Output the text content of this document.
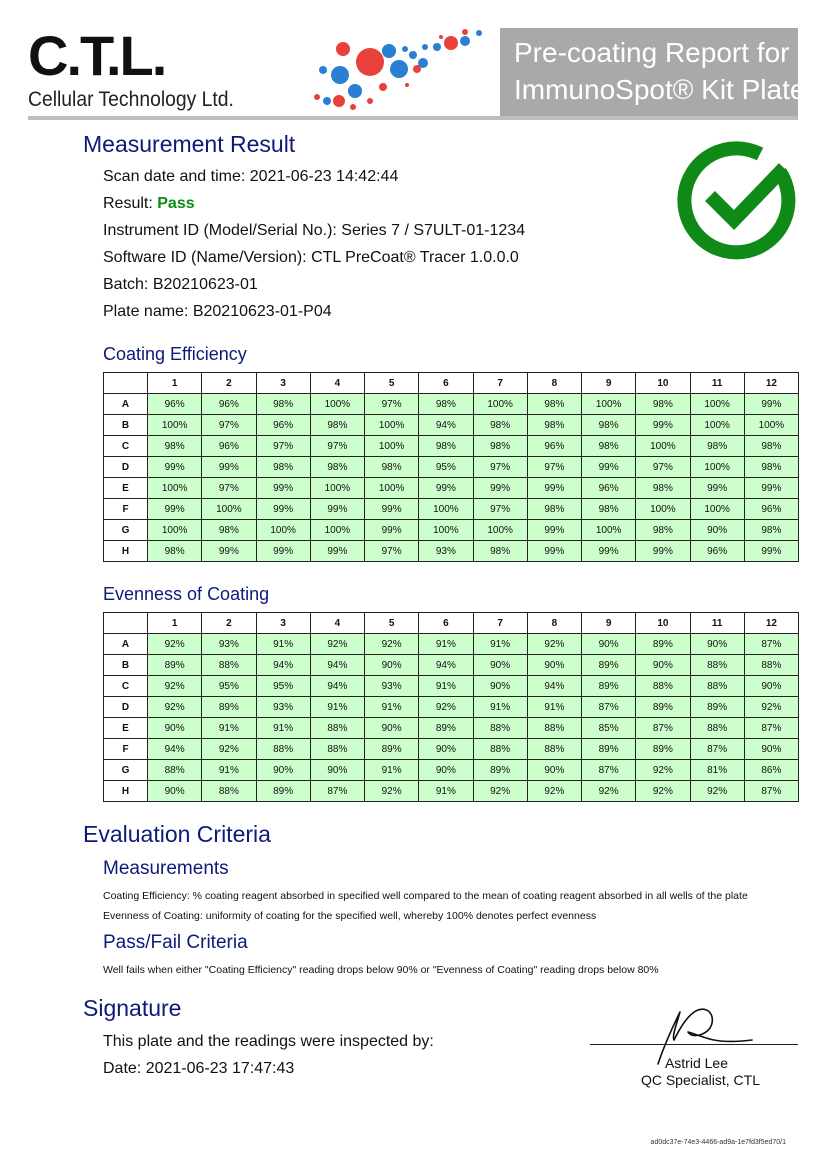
C.T.L.
Cellular Technology Ltd.
Pre-coating Report for
ImmunoSpot® Kit Plate
Measurement Result
Scan date and time: 2021-06-23 14:42:44
Result: Pass
Instrument ID (Model/Serial No.): Series 7 / S7ULT-01-1234
Software ID (Name/Version): CTL PreCoat® Tracer 1.0.0.0
Batch: B20210623-01
Plate name: B20210623-01-P04
Coating Efficiency
	1	2	3	4	5	6	7	8	9	10	11	12
A	96%	96%	98%	100%	97%	98%	100%	98%	100%	98%	100%	99%
B	100%	97%	96%	98%	100%	94%	98%	98%	98%	99%	100%	100%
C	98%	96%	97%	97%	100%	98%	98%	96%	98%	100%	98%	98%
D	99%	99%	98%	98%	98%	95%	97%	97%	99%	97%	100%	98%
E	100%	97%	99%	100%	100%	99%	99%	99%	96%	98%	99%	99%
F	99%	100%	99%	99%	99%	100%	97%	98%	98%	100%	100%	96%
G	100%	98%	100%	100%	99%	100%	100%	99%	100%	98%	90%	98%
H	98%	99%	99%	99%	97%	93%	98%	99%	99%	99%	96%	99%
Evenness of Coating
	1	2	3	4	5	6	7	8	9	10	11	12
A	92%	93%	91%	92%	92%	91%	91%	92%	90%	89%	90%	87%
B	89%	88%	94%	94%	90%	94%	90%	90%	89%	90%	88%	88%
C	92%	95%	95%	94%	93%	91%	90%	94%	89%	88%	88%	90%
D	92%	89%	93%	91%	91%	92%	91%	91%	87%	89%	89%	92%
E	90%	91%	91%	88%	90%	89%	88%	88%	85%	87%	88%	87%
F	94%	92%	88%	88%	89%	90%	88%	88%	89%	89%	87%	90%
G	88%	91%	90%	90%	91%	90%	89%	90%	87%	92%	81%	86%
H	90%	88%	89%	87%	92%	91%	92%	92%	92%	92%	92%	87%
Evaluation Criteria
Measurements
Coating Efficiency: % coating reagent absorbed in specified well compared to the mean of coating reagent absorbed in all wells of the plate
Evenness of Coating: uniformity of coating for the specified well, whereby 100% denotes perfect evenness
Pass/Fail Criteria
Well fails when either "Coating Efficiency" reading drops below 90% or "Evenness of Coating" reading drops below 80%
Signature
This plate and the readings were inspected by:
Date: 2021-06-23 17:47:43	Astrid Lee
QC Specialist, CTL
ad0dc37e-74e3-4466-ad9a-1e7fd3f5ed70/1
